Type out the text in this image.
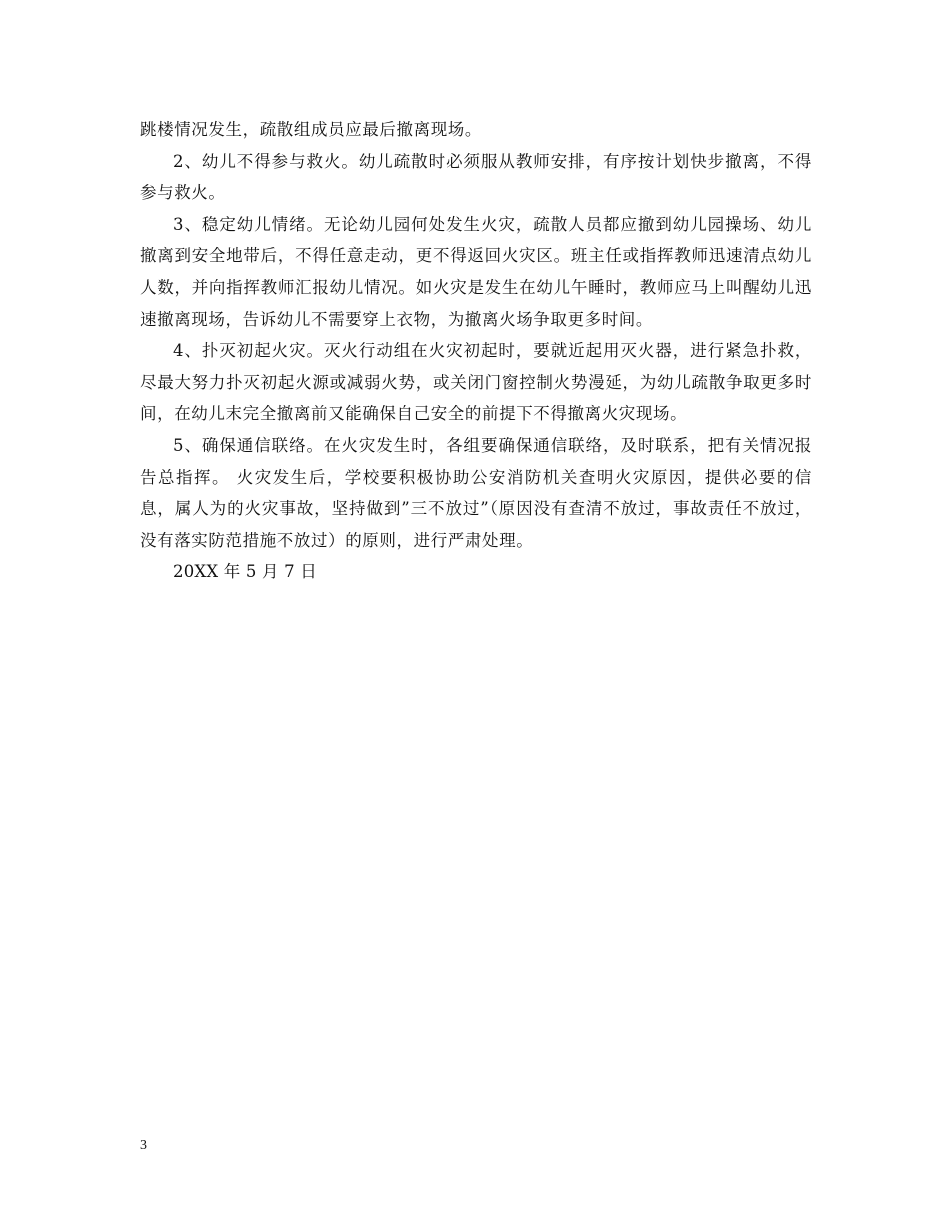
跳楼情况发生，疏散组成员应最后撤离现场。

2、幼儿不得参与救火。幼儿疏散时必须服从教师安排，有序按计划快步撤离，不得参与救火。

3、稳定幼儿情绪。无论幼儿园何处发生火灾，疏散人员都应撤到幼儿园操场、幼儿撤离到安全地带后，不得任意走动，更不得返回火灾区。班主任或指挥教师迅速清点幼儿人数，并向指挥教师汇报幼儿情况。如火灾是发生在幼儿午睡时，教师应马上叫醒幼儿迅速撤离现场，告诉幼儿不需要穿上衣物，为撤离火场争取更多时间。

4、扑灭初起火灾。灭火行动组在火灾初起时，要就近起用灭火器，进行紧急扑救，尽最大努力扑灭初起火源或减弱火势，或关闭门窗控制火势漫延，为幼儿疏散争取更多时间，在幼儿末完全撤离前又能确保自己安全的前提下不得撤离火灾现场。

5、确保通信联络。在火灾发生时，各组要确保通信联络，及时联系，把有关情况报告总指挥。 火灾发生后，学校要积极协助公安消防机关查明火灾原因，提供必要的信息，属人为的火灾事故，坚持做到”三不放过”（原因没有查清不放过，事故责任不放过，没有落实防范措施不放过）的原则，进行严肃处理。

20XX 年 5 月 7 日

3
